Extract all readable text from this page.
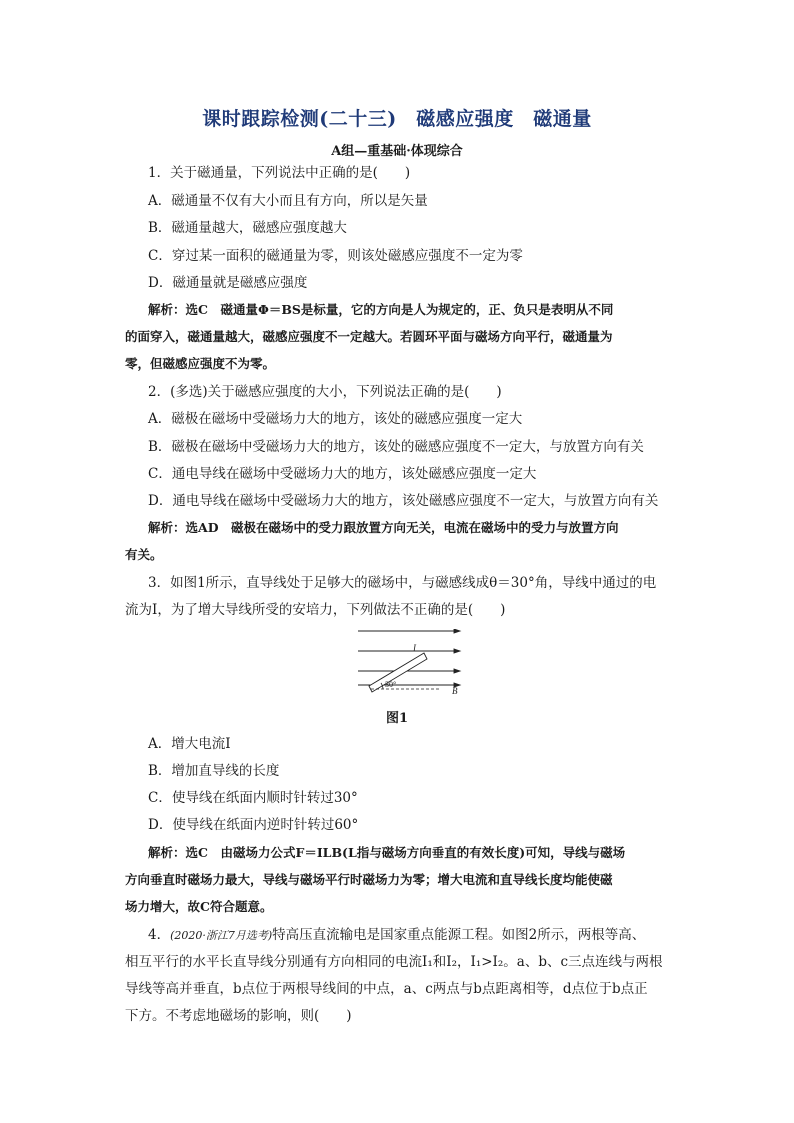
课时跟踪检测(二十三)　磁感应强度　磁通量
A组—重基础·体现综合
1．关于磁通量，下列说法中正确的是(　　)
A．磁通量不仅有大小而且有方向，所以是矢量
B．磁通量越大，磁感应强度越大
C．穿过某一面积的磁通量为零，则该处磁感应强度不一定为零
D．磁通量就是磁感应强度
解析：选C　磁通量Φ＝BS是标量，它的方向是人为规定的，正、负只是表明从不同
的面穿入，磁通量越大，磁感应强度不一定越大。若圆环平面与磁场方向平行，磁通量为
零，但磁感应强度不为零。
2．(多选)关于磁感应强度的大小，下列说法正确的是(　　)
A．磁极在磁场中受磁场力大的地方，该处的磁感应强度一定大
B．磁极在磁场中受磁场力大的地方，该处的磁感应强度不一定大，与放置方向有关
C．通电导线在磁场中受磁场力大的地方，该处磁感应强度一定大
D．通电导线在磁场中受磁场力大的地方，该处磁感应强度不一定大，与放置方向有关
解析：选AD　磁极在磁场中的受力跟放置方向无关，电流在磁场中的受力与放置方向
有关。
3．如图1所示，直导线处于足够大的磁场中，与磁感线成θ＝30°角，导线中通过的电
流为I，为了增大导线所受的安培力，下列做法不正确的是(　　)
I
30°
B
图1
A．增大电流I
B．增加直导线的长度
C．使导线在纸面内顺时针转过30°
D．使导线在纸面内逆时针转过60°
解析：选C　由磁场力公式F＝ILB(L指与磁场方向垂直的有效长度)可知，导线与磁场
方向垂直时磁场力最大，导线与磁场平行时磁场力为零；增大电流和直导线长度均能使磁
场力增大，故C符合题意。
4．(2020·浙江7月选考)特高压直流输电是国家重点能源工程。如图2所示，两根等高、
相互平行的水平长直导线分别通有方向相同的电流I₁和I₂，I₁>I₂。a、b、c三点连线与两根
导线等高并垂直，b点位于两根导线间的中点，a、c两点与b点距离相等，d点位于b点正
下方。不考虑地磁场的影响，则(　　)
